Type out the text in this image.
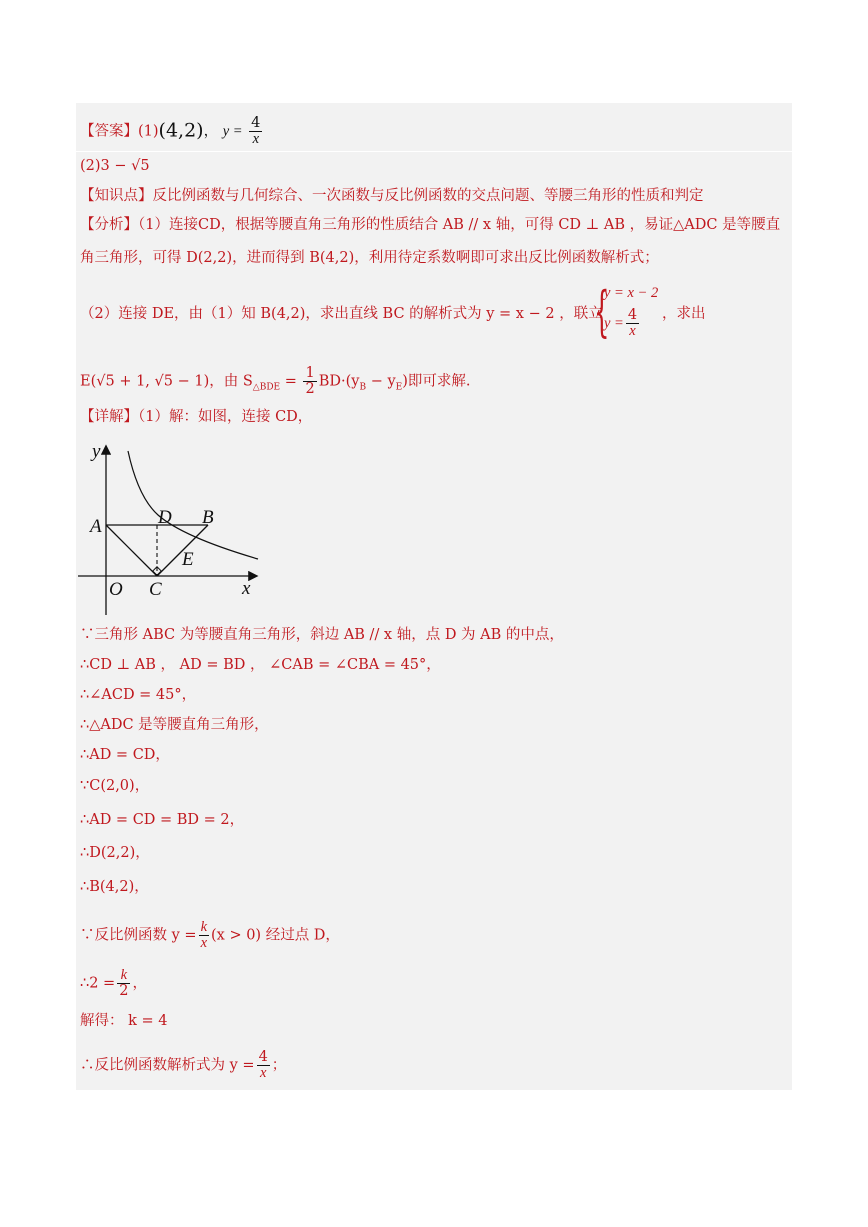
【答案】(1)(4,2)， $y = \frac{4}{x}$
(2)3 − √5
【知识点】反比例函数与几何综合、一次函数与反比例函数的交点问题、等腰三角形的性质和判定
【分析】（1）连接CD，根据等腰直角三角形的性质结合 AB // x 轴，可得 CD ⊥ AB ，易证△ADC 是等腰直
角三角形，可得 D(2,2)，进而得到 B(4,2)，利用待定系数啊即可求出反比例函数解析式；
（2）连接 DE，由（1）知 B(4,2)，求出直线 BC 的解析式为 y = x − 2 ，联立
{
y = x − 2
$y = \frac{4}{x}$ ，求出
E(√5 + 1, √5 − 1)，由 $S_{\triangle BDE} = \frac{1}{2} BD\cdot(y_B - y_E)$即可求解.
【详解】（1）解：如图，连接 CD，
y
x
O
A	B
C
D
E
∵三角形 ABC 为等腰直角三角形，斜边 AB // x 轴，点 D 为 AB 的中点，
∴CD ⊥ AB ， AD = BD ， ∠CAB = ∠CBA = 45°，
∴∠ACD = 45°，
∴△ADC 是等腰直角三角形，
∴AD = CD，
∵C(2,0)，
∴AD = CD = BD = 2，
∴D(2,2)，
∴B(4,2)，
∵反比例函数 $y = \frac{k}{x} (x > 0)$ 经过点 D，
∴2 = $\frac{k}{2}$ ，
解得： k = 4
∴反比例函数解析式为 $y = \frac{4}{x}$ ；
